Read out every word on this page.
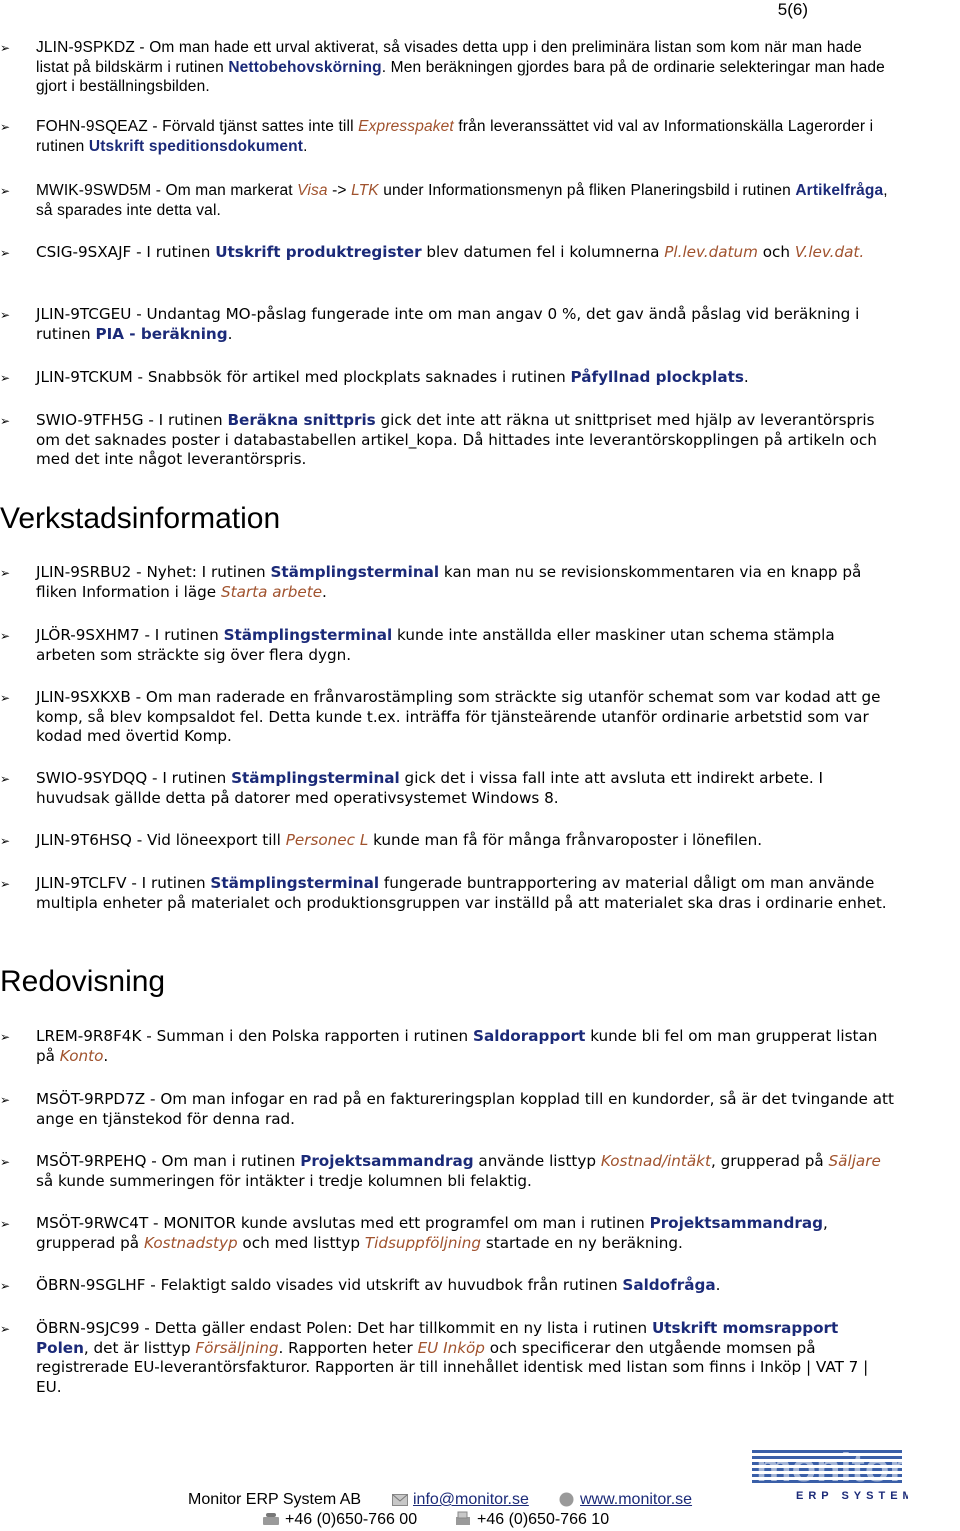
5(6)
➢ JLIN-9SPKDZ - Om man hade ett urval aktiverat, så visades detta upp i den preliminära listan som kom när man hade listat på bildskärm i rutinen Nettobehovskörning. Men beräkningen gjordes bara på de ordinarie selekteringar man hade gjort i beställningsbilden.
➢ FOHN-9SQEAZ - Förvald tjänst sattes inte till Expresspaket från leveranssättet vid val av Informationskälla Lagerorder i rutinen Utskrift speditionsdokument.
➢ MWIK-9SWD5M - Om man markerat Visa -> LTK under Informationsmenyn på fliken Planeringsbild i rutinen Artikelfråga, så sparades inte detta val.
➢ CSIG-9SXAJF - I rutinen Utskrift produktregister blev datumen fel i kolumnerna Pl.lev.datum och V.lev.dat.
➢ JLIN-9TCGEU - Undantag MO-påslag fungerade inte om man angav 0 %, det gav ändå påslag vid beräkning i rutinen PIA - beräkning.
➢ JLIN-9TCKUM - Snabbsök för artikel med plockplats saknades i rutinen Påfyllnad plockplats.
➢ SWIO-9TFH5G - I rutinen Beräkna snittpris gick det inte att räkna ut snittpriset med hjälp av leverantörspris om det saknades poster i databastabellen artikel_kopa. Då hittades inte leverantörskopplingen på artikeln och med det inte något leverantörspris.
➢ JLIN-9SRBU2 - Nyhet: I rutinen Stämplingsterminal kan man nu se revisionskommentaren via en knapp på fliken Information i läge Starta arbete.
➢ JLÖR-9SXHM7 - I rutinen Stämplingsterminal kunde inte anställda eller maskiner utan schema stämpla arbeten som sträckte sig över flera dygn.
➢ JLIN-9SXKXB - Om man raderade en frånvarostämpling som sträckte sig utanför schemat som var kodad att ge komp, så blev kompsaldot fel. Detta kunde t.ex. inträffa för tjänsteärende utanför ordinarie arbetstid som var kodad med övertid Komp.
➢ SWIO-9SYDQQ - I rutinen Stämplingsterminal gick det i vissa fall inte att avsluta ett indirekt arbete. I huvudsak gällde detta på datorer med operativsystemet Windows 8.
➢ JLIN-9T6HSQ - Vid löneexport till Personec L kunde man få för många frånvaroposter i lönefilen.
➢ JLIN-9TCLFV - I rutinen Stämplingsterminal fungerade buntrapportering av material dåligt om man använde multipla enheter på materialet och produktionsgruppen var inställd på att materialet ska dras i ordinarie enhet.
➢ LREM-9R8F4K - Summan i den Polska rapporten i rutinen Saldorapport kunde bli fel om man grupperat listan på Konto.
➢ MSÖT-9RPD7Z - Om man infogar en rad på en faktureringsplan kopplad till en kundorder, så är det tvingande att ange en tjänstekod för denna rad.
➢ MSÖT-9RPEHQ - Om man i rutinen Projektsammandrag använde listtyp Kostnad/intäkt, grupperad på Säljare så kunde summeringen för intäkter i tredje kolumnen bli felaktig.
➢ MSÖT-9RWC4T - MONITOR kunde avslutas med ett programfel om man i rutinen Projektsammandrag, grupperad på Kostnadstyp och med listtyp Tidsuppföljning startade en ny beräkning.
➢ ÖBRN-9SGLHF - Felaktigt saldo visades vid utskrift av huvudbok från rutinen Saldofråga.
➢ ÖBRN-9SJC99 - Detta gäller endast Polen: Det har tillkommit en ny lista i rutinen Utskrift momsrapport Polen, det är listtyp Försäljning. Rapporten heter EU Inköp och specificerar den utgående momsen på registrerade EU-leverantörsfakturor. Rapporten är till innehållet identisk med listan som finns i Inköp | VAT 7 | EU.
Verkstadsinformation
Redovisning
monitor
ERP SYSTEM
Monitor ERP System AB	info@monitor.se	www.monitor.se
+46 (0)650-766 00	+46 (0)650-766 10
